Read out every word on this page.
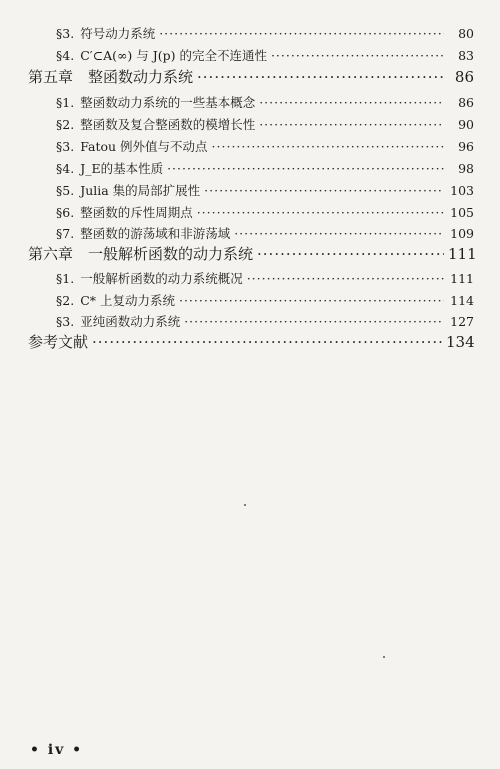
§3. 符号动力系统 ·····	80
§4. C′⊂A(∞) 与 J(p) 的完全不连通性 ·····	83
第五章　整函数动力系统 ·····	86
§1. 整函数动力系统的一些基本概念 ·····	86
§2. 整函数及复合整函数的模增长性 ·····	90
§3. Fatou 例外值与不动点 ·····	96
§4. J_E的基本性质 ·····	98
§5. Julia 集的局部扩展性 ·····	103
§6. 整函数的斥性周期点 ·····	105
§7. 整函数的游荡域和非游荡域 ·····	109
第六章　一般解析函数的动力系统 ·····	111
§1. 一般解析函数的动力系统概况 ·····	111
§2. C* 上复动力系统 ·····	114
§3. 亚纯函数动力系统 ·····	127
参考文献 ·····	134
• iv •
